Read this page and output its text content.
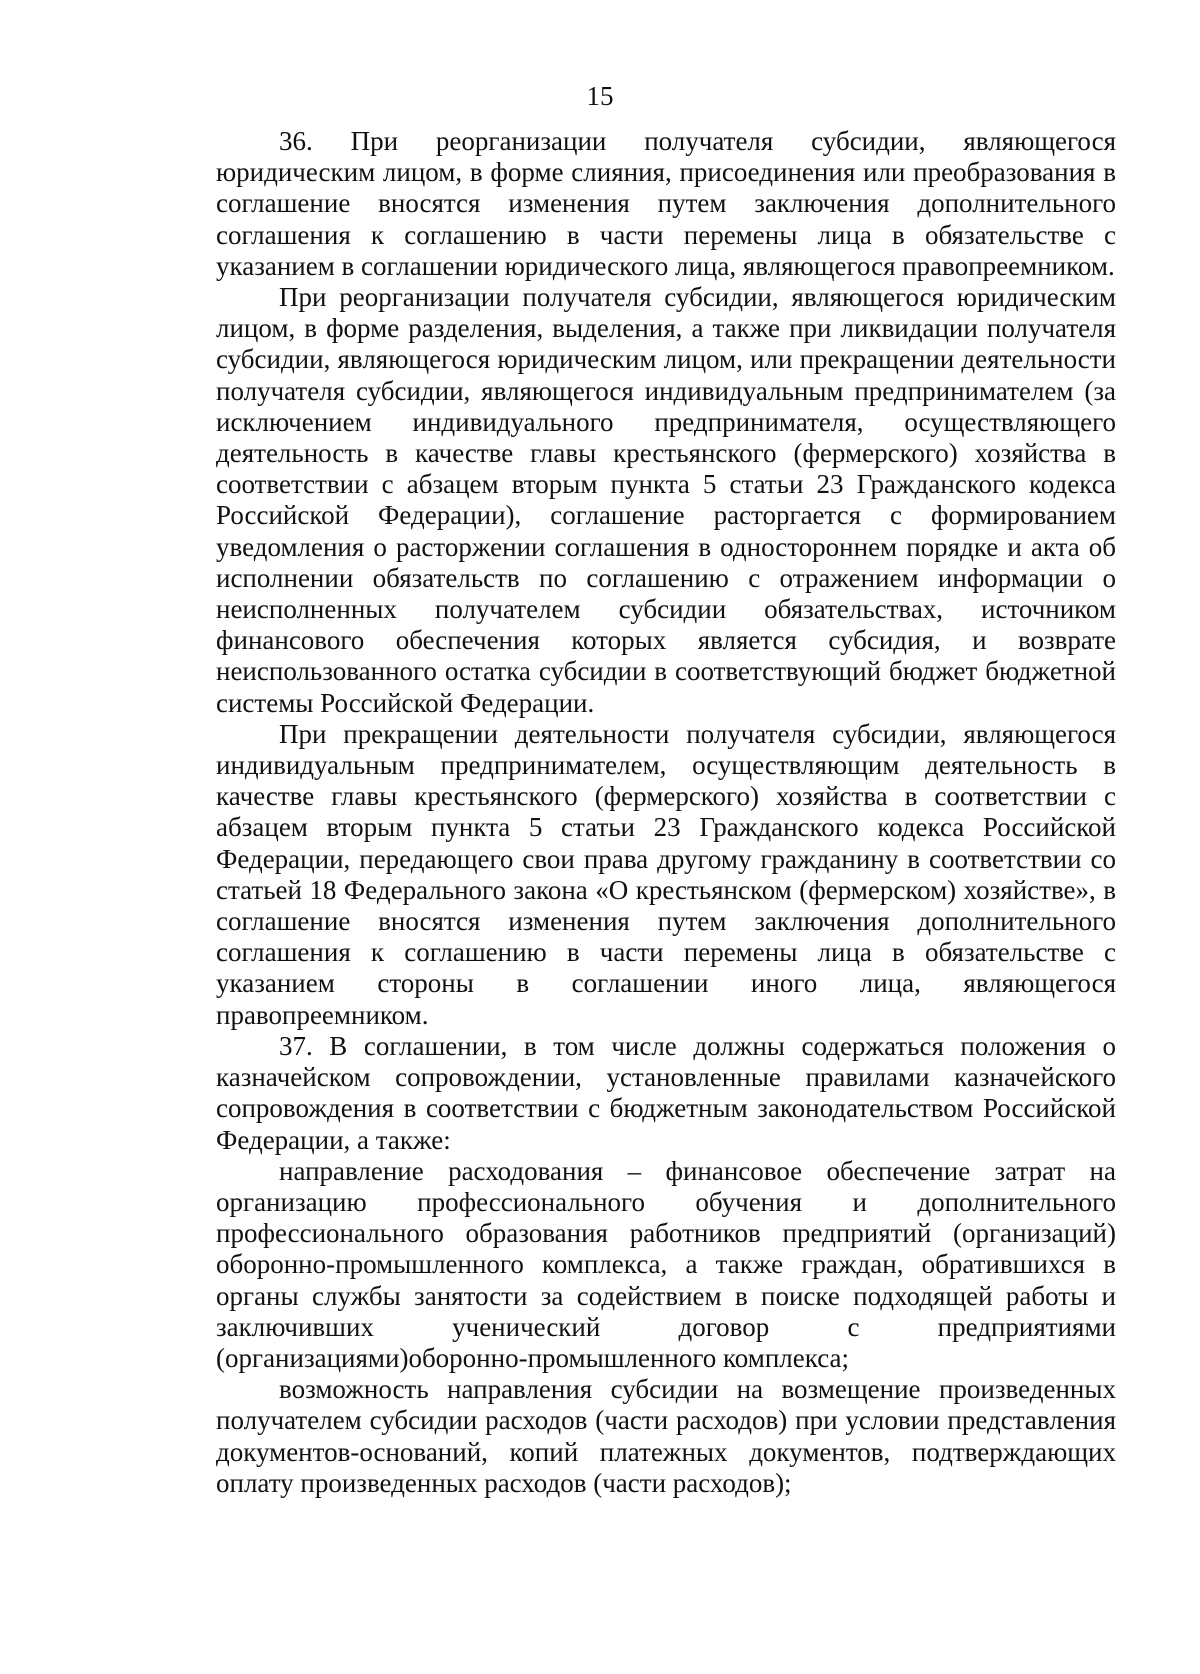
15

36. При реорганизации получателя субсидии, являющегося юридическим лицом, в форме слияния, присоединения или преобразования в соглашение вносятся изменения путем заключения дополнительного соглашения к соглашению в части перемены лица в обязательстве с указанием в соглашении юридического лица, являющегося правопреемником.

При реорганизации получателя субсидии, являющегося юридическим лицом, в форме разделения, выделения, а также при ликвидации получателя субсидии, являющегося юридическим лицом, или прекращении деятельности получателя субсидии, являющегося индивидуальным предпринимателем (за исключением индивидуального предпринимателя, осуществляющего деятельность в качестве главы крестьянского (фермерского) хозяйства в соответствии с абзацем вторым пункта 5 статьи 23 Гражданского кодекса Российской Федерации), соглашение расторгается с формированием уведомления о расторжении соглашения в одностороннем порядке и акта об исполнении обязательств по соглашению с отражением информации о неисполненных получателем субсидии обязательствах, источником финансового обеспечения которых является субсидия, и возврате неиспользованного остатка субсидии в соответствующий бюджет бюджетной системы Российской Федерации.

При прекращении деятельности получателя субсидии, являющегося индивидуальным предпринимателем, осуществляющим деятельность в качестве главы крестьянского (фермерского) хозяйства в соответствии с абзацем вторым пункта 5 статьи 23 Гражданского кодекса Российской Федерации, передающего свои права другому гражданину в соответствии со статьей 18 Федерального закона «О крестьянском (фермерском) хозяйстве», в соглашение вносятся изменения путем заключения дополнительного соглашения к соглашению в части перемены лица в обязательстве с указанием стороны в соглашении иного лица, являющегося правопреемником.

37. В соглашении, в том числе должны содержаться положения о казначейском сопровождении, установленные правилами казначейского сопровождения в соответствии с бюджетным законодательством Российской Федерации, а также:

направление расходования – финансовое обеспечение затрат на организацию профессионального обучения и дополнительного профессионального образования работников предприятий (организаций) оборонно-промышленного комплекса, а также граждан, обратившихся в органы службы занятости за содействием в поиске подходящей работы и заключивших ученический договор с предприятиями (организациями)оборонно-промышленного комплекса;

возможность направления субсидии на возмещение произведенных получателем субсидии расходов (части расходов) при условии представления документов-оснований, копий платежных документов, подтверждающих оплату произведенных расходов (части расходов);
